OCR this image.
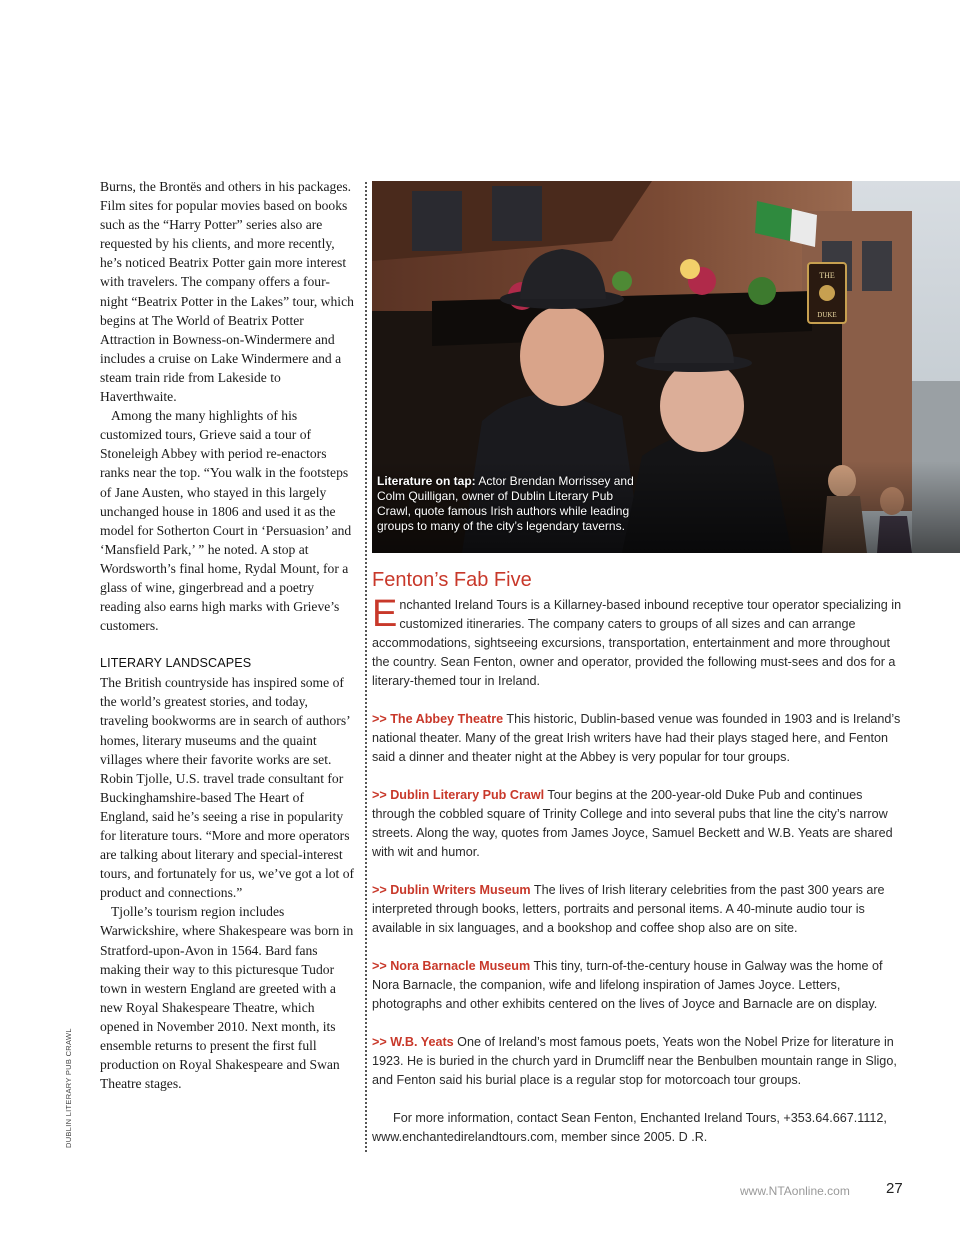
Burns, the Brontës and others in his packages. Film sites for popular movies based on books such as the “Harry Potter” series also are requested by his clients, and more recently, he’s noticed Beatrix Potter gain more interest with travelers. The company offers a four-night “Beatrix Potter in the Lakes” tour, which begins at The World of Beatrix Potter Attraction in Bowness-on-Windermere and includes a cruise on Lake Windermere and a steam train ride from Lakeside to Haverthwaite.

Among the many highlights of his customized tours, Grieve said a tour of Stoneleigh Abbey with period re-enactors ranks near the top. “You walk in the footsteps of Jane Austen, who stayed in this largely unchanged house in 1806 and used it as the model for Sotherton Court in ‘Persuasion’ and ‘Mansfield Park,’ ” he noted. A stop at Wordsworth’s final home, Rydal Mount, for a glass of wine, gingerbread and a poetry reading also earns high marks with Grieve’s customers.

LITERARY LANDSCAPES

The British countryside has inspired some of the world’s greatest stories, and today, traveling bookworms are in search of authors’ homes, literary museums and the quaint villages where their favorite works are set. Robin Tjolle, U.S. travel trade consultant for Buckinghamshire-based The Heart of England, said he’s seeing a rise in popularity for literature tours. “More and more operators are talking about literary and special-interest tours, and fortunately for us, we’ve got a lot of product and connections.”

Tjolle’s tourism region includes Warwickshire, where Shakespeare was born in Stratford-upon-Avon in 1564. Bard fans making their way to this picturesque Tudor town in western England are greeted with a new Royal Shakespeare Theatre, which opened in November 2010. Next month, its ensemble returns to present the first full production on Royal Shakespeare and Swan Theatre stages.

THE
DUKE
Literature on tap: Actor Brendan Morrissey and Colm Quilligan, owner of Dublin Literary Pub Crawl, quote famous Irish authors while leading groups to many of the city’s legendary taverns.
Fenton’s Fab Five

Enchanted Ireland Tours is a Killarney-based inbound receptive tour operator specializing in customized itineraries. The company caters to groups of all sizes and can arrange accommodations, sightseeing excursions, transportation, entertainment and more throughout the country. Sean Fenton, owner and operator, provided the following must-sees and dos for a literary-themed tour in Ireland.

>> The Abbey Theatre This historic, Dublin-based venue was founded in 1903 and is Ireland’s national theater. Many of the great Irish writers have had their plays staged here, and Fenton said a dinner and theater night at the Abbey is very popular for tour groups.

>> Dublin Literary Pub Crawl Tour begins at the 200-year-old Duke Pub and continues through the cobbled square of Trinity College and into several pubs that line the city’s narrow streets. Along the way, quotes from James Joyce, Samuel Beckett and W.B. Yeats are shared with wit and humor.

>> Dublin Writers Museum The lives of Irish literary celebrities from the past 300 years are interpreted through books, letters, portraits and personal items. A 40-minute audio tour is available in six languages, and a bookshop and coffee shop also are on site.

>> Nora Barnacle Museum This tiny, turn-of-the-century house in Galway was the home of Nora Barnacle, the companion, wife and lifelong inspiration of James Joyce. Letters, photographs and other exhibits centered on the lives of Joyce and Barnacle are on display.

>> W.B. Yeats One of Ireland’s most famous poets, Yeats won the Nobel Prize for literature in 1923. He is buried in the church yard in Drumcliff near the Benbulben mountain range in Sligo, and Fenton said his burial place is a regular stop for motorcoach tour groups.

For more information, contact Sean Fenton, Enchanted Ireland Tours, +353.64.667.1112, www.enchantedirelandtours.com, member since 2005. D .R.

DUBLIN LITERARY PUB CRAWL
www.NTAonline.com 27
